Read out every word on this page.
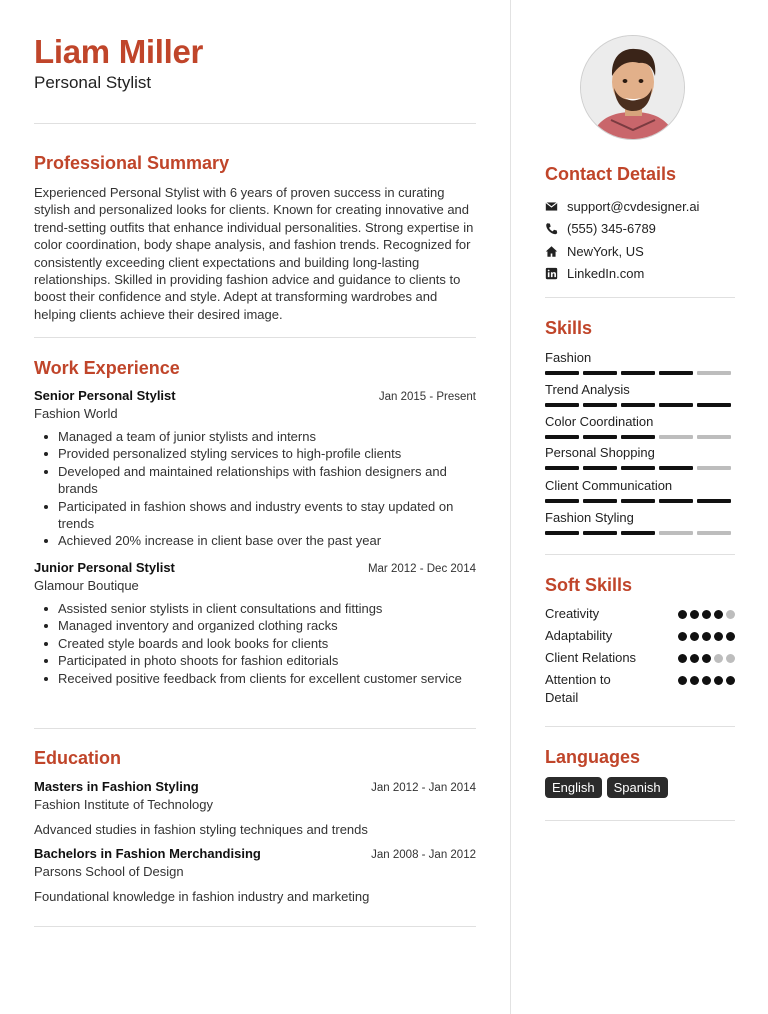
Liam Miller
Personal Stylist
Professional Summary
Experienced Personal Stylist with 6 years of proven success in curating stylish and personalized looks for clients. Known for creating innovative and trend-setting outfits that enhance individual personalities. Strong expertise in color coordination, body shape analysis, and fashion trends. Recognized for consistently exceeding client expectations and building long-lasting relationships. Skilled in providing fashion advice and guidance to clients to boost their confidence and style. Adept at transforming wardrobes and helping clients achieve their desired image.
Work Experience
Senior Personal Stylist	Jan 2015 - Present
Fashion World
Managed a team of junior stylists and interns
Provided personalized styling services to high-profile clients
Developed and maintained relationships with fashion designers and brands
Participated in fashion shows and industry events to stay updated on trends
Achieved 20% increase in client base over the past year
Junior Personal Stylist	Mar 2012 - Dec 2014
Glamour Boutique
Assisted senior stylists in client consultations and fittings
Managed inventory and organized clothing racks
Created style boards and look books for clients
Participated in photo shoots for fashion editorials
Received positive feedback from clients for excellent customer service
Education
Masters in Fashion Styling	Jan 2012 - Jan 2014
Fashion Institute of Technology
Advanced studies in fashion styling techniques and trends
Bachelors in Fashion Merchandising	Jan 2008 - Jan 2012
Parsons School of Design
Foundational knowledge in fashion industry and marketing
Contact Details
support@cvdesigner.ai
(555) 345-6789
NewYork, US
LinkedIn.com
Skills
Fashion
Trend Analysis
Color Coordination
Personal Shopping
Client Communication
Fashion Styling
Soft Skills
Creativity
Adaptability
Client Relations
Attention to Detail
Languages
English	Spanish
